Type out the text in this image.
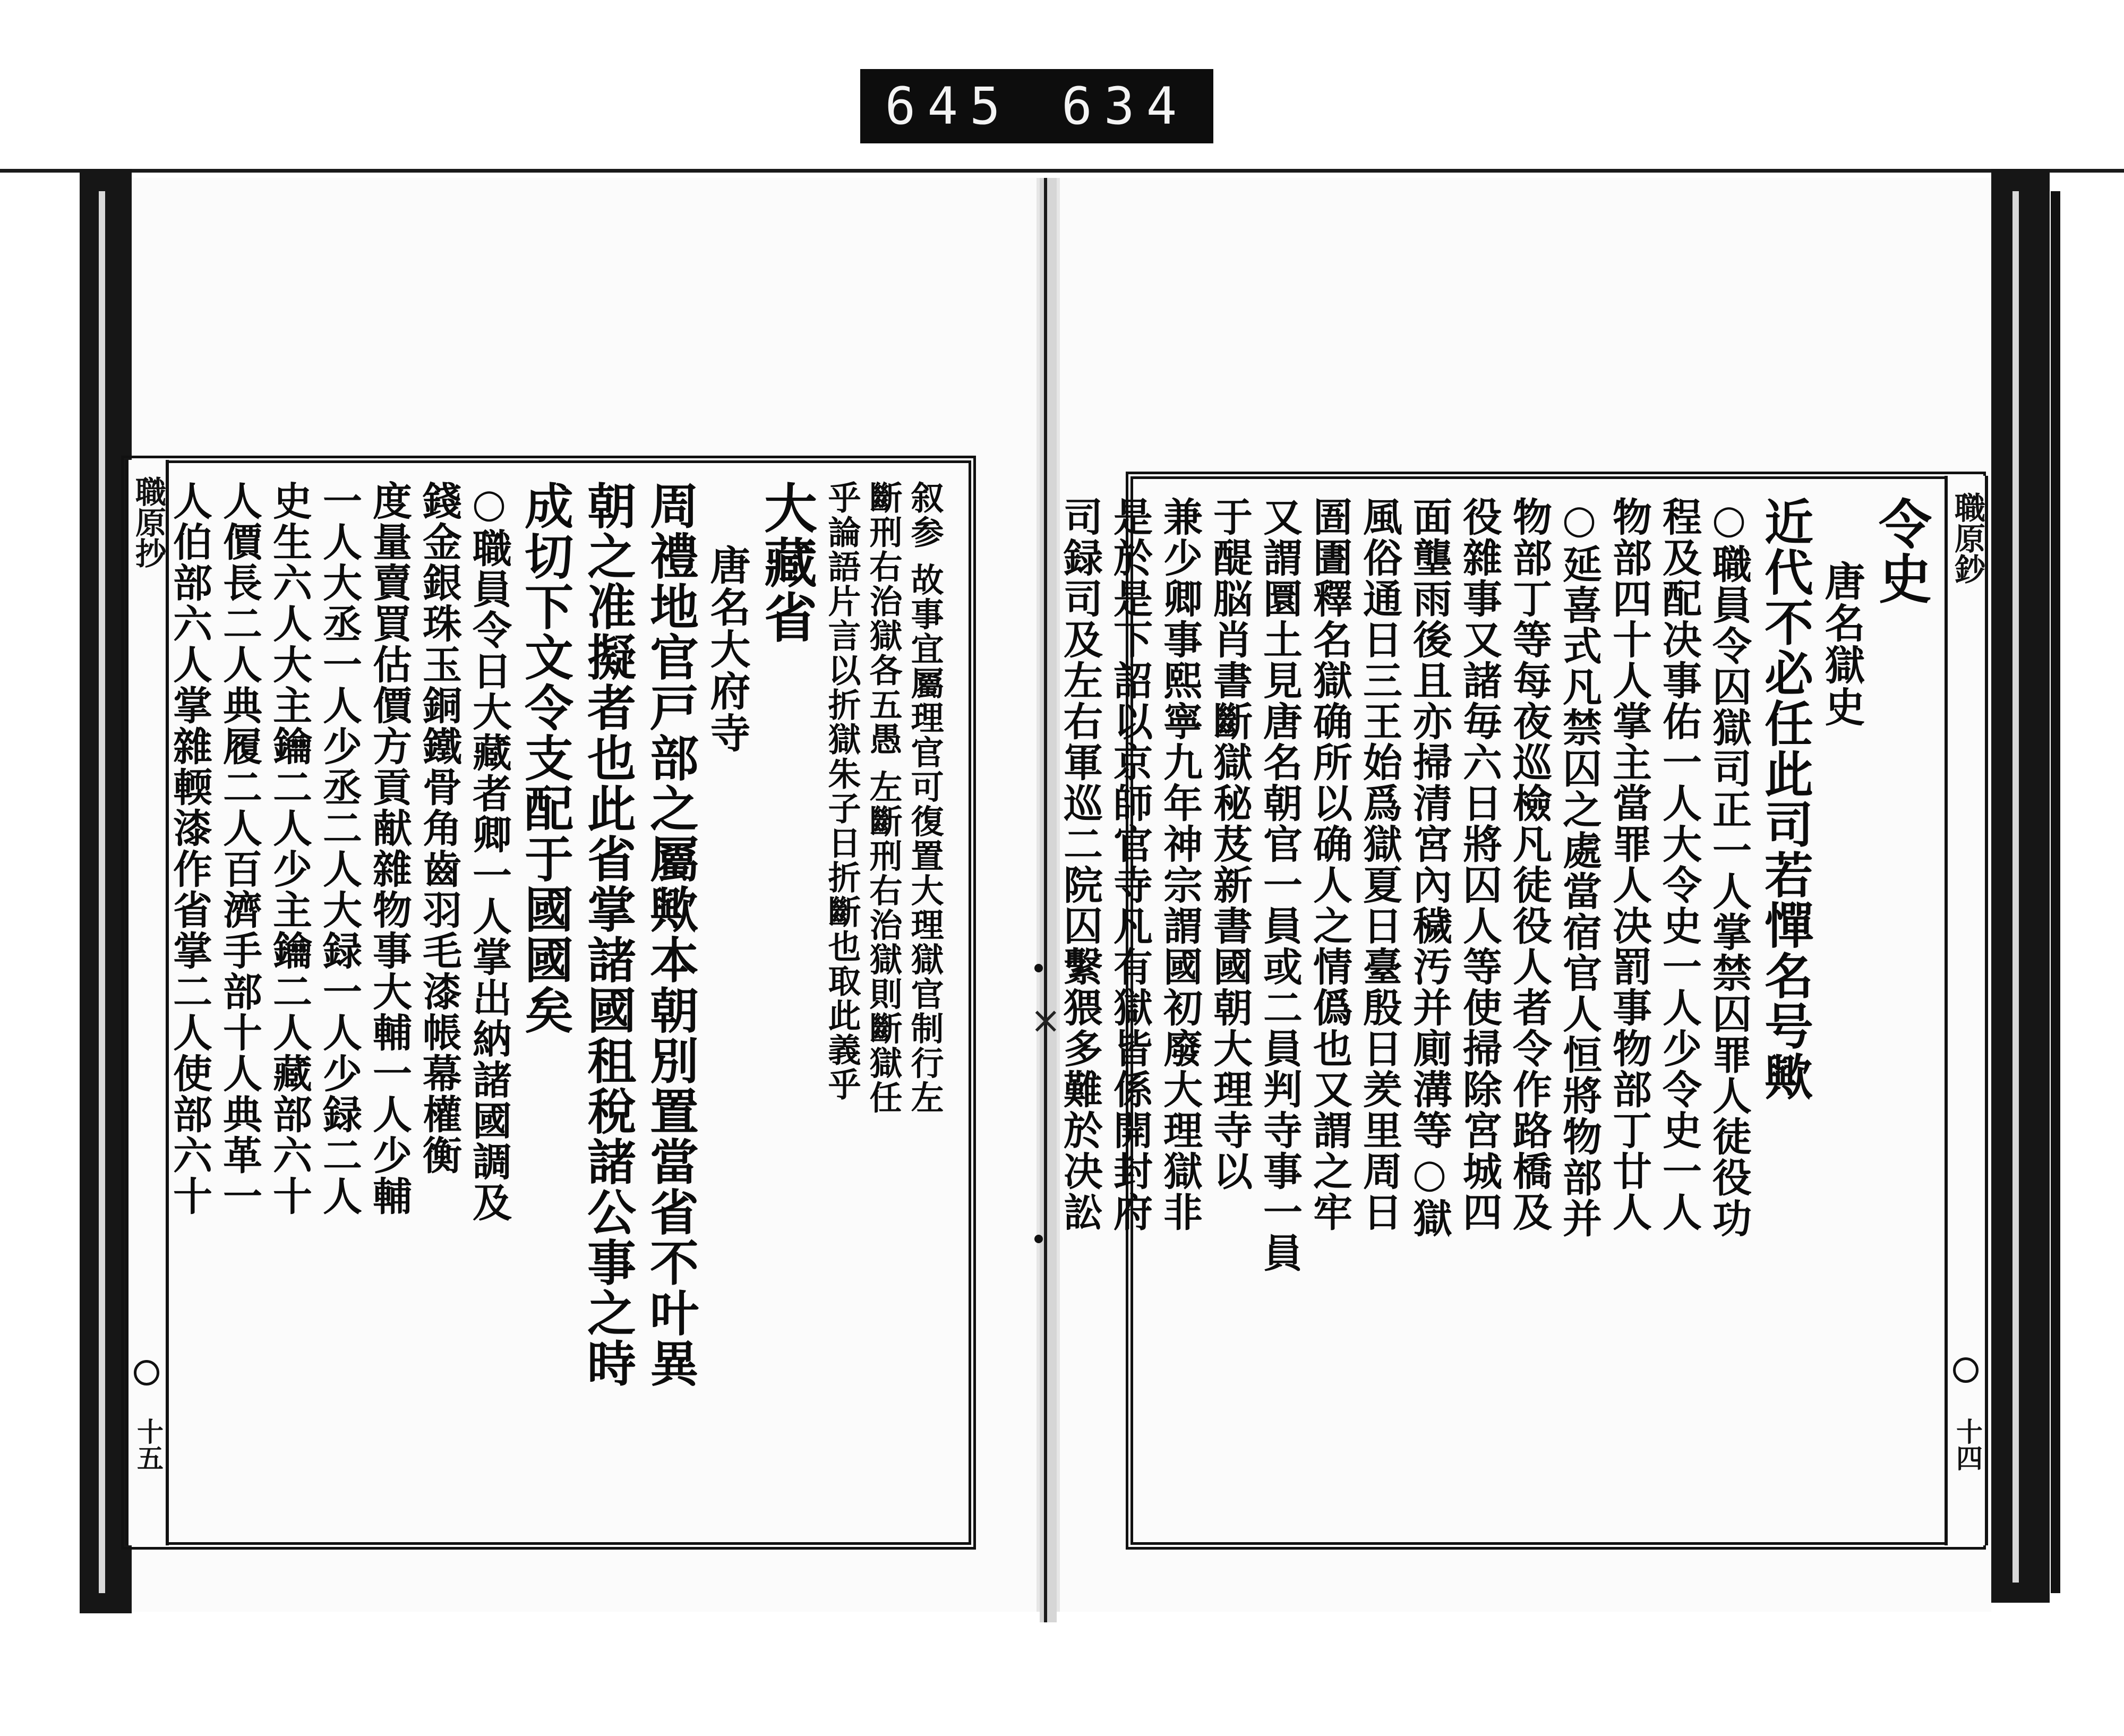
645 634
×
職原抄
十五
叙参 故事宜屬理官可復置大理獄官制行左
斷刑右治獄各五愚 左斷刑右治獄則斷獄任
乎論語片言以折獄朱子日折斷也取此義乎
大藏省
唐名大府寺
周禮地官戸部之屬歟本朝別置當省不叶異
朝之准擬者也此省掌諸國租稅諸公事之時
成切下文令支配于國國矣
○職員令日大藏者卿一人掌出納諸國調及
錢金銀珠玉銅鐵骨角齒羽毛漆帳幕權衡
度量賣買估價方貢献雜物事大輔一人少輔
一人大丞一人少丞二人大録一人少録二人
史生六人大主鑰二人少主鑰二人藏部六十
人價長二人典履二人百濟手部十人典革一
人伯部六人掌雜輭漆作省掌二人使部六十	職原鈔
十四
令史
唐名獄史
近代不必任此司若憚名号歟
○職員令囚獄司正一人掌禁囚罪人徒役功
程及配决事佑一人大令史一人少令史一人
物部四十人掌主當罪人决罰事物部丁廿人
○延喜式凡禁囚之處當宿官人恒將物部并
物部丁等每夜巡檢凡徒役人者令作路橋及
役雜事又諸毎六日將囚人等使掃除宮城四
面壟雨後且亦掃清宮內穢汚并廁溝等○獄
風俗通日三王始爲獄夏日臺殷日羑里周日
圄圕釋名獄确所以确人之情僞也又謂之牢
又謂圜土見唐名朝官一員或二員判寺事一員
于醍脳肖書斷獄秘芨新書國朝大理寺以
兼少卿事熙寧九年神宗謂國初廢大理獄非
是於是下詔以京師官寺凡有獄皆係開封府
司録司及左右軍巡二院囚繫猥多難於决訟
